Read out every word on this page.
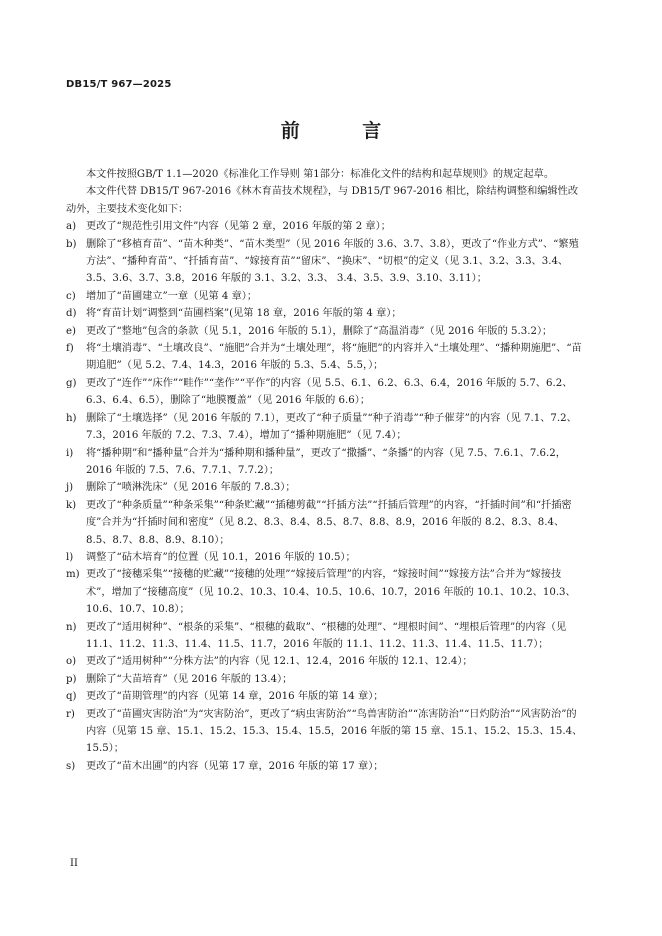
DB15/T 967—2025
前 言

本文件按照GB/T 1.1—2020《标准化工作导则 第1部分：标准化文件的结构和起草规则》的规定起草。

本文件代替 DB15/T 967-2016《林木育苗技术规程》，与 DB15/T 967-2016 相比，除结构调整和编辑性改动外，主要技术变化如下：

a) 更改了“规范性引用文件”内容（见第 2 章，2016 年版的第 2 章）；
b) 删除了“移植育苗”、“苗木种类”、“苗木类型”（见 2016 年版的 3.6、3.7、3.8），更改了“作业方式”、“繁殖方法”、“播种育苗”、“扦插育苗”、“嫁接育苗”“留床”、“换床”、“切根”的定义（见 3.1、3.2、3.3、3.4、3.5、3.6、3.7、3.8，2016 年版的 3.1、3.2、3.3、 3.4、3.5、3.9、3.10、3.11）；
c)	增加了“苗圃建立”一章（见第 4 章）；
d) 将“育苗计划”调整到“苗圃档案”(见第 18 章，2016 年版的第 4 章）；
e) 更改了“整地”包含的条款（见 5.1，2016 年版的 5.1），删除了“高温消毒”（见 2016 年版的 5.3.2）；
f)	将“土壤消毒”、“土壤改良”、“施肥”合并为“土壤处理”，将“施肥”的内容并入“土壤处理”、“播种期施肥”、“苗期追肥”（见 5.2、7.4、14.3，2016 年版的 5.3、5.4、5.5，）；
g) 更改了“连作”“床作”“畦作”“垄作”“平作”的内容（见 5.5、6.1、6.2、6.3、6.4，2016 年版的 5.7、6.2、6.3、6.4、6.5），删除了“地膜覆盖”（见 2016 年版的 6.6）；
h) 删除了“土壤选择”（见 2016 年版的 7.1），更改了“种子质量”“种子消毒”“种子催芽”的内容（见 7.1、7.2、7.3，2016 年版的 7.2、7.3、7.4），增加了“播种期施肥”（见 7.4）；
i)	将“播种期”和“播种量”合并为“播种期和播种量”，更改了“撒播”、“条播”的内容（见 7.5、7.6.1、7.6.2，2016 年版的 7.5、7.6、7.7.1、7.7.2）；
j)	删除了“喷淋洗床”（见 2016 年版的 7.8.3）；
k) 更改了“种条质量”“种条采集”“种条贮藏”“插穗剪截”“扦插方法”“扦插后管理”的内容，“扦插时间”和“扦插密度”合并为“扦插时间和密度”（见 8.2、8.3、8.4、8.5、8.7、8.8、8.9，2016 年版的 8.2、8.3、8.4、8.5、8.7、8.8、8.9、8.10）；
l)	调整了“砧木培育”的位置（见 10.1，2016 年版的 10.5）；
m) 更改了“接穗采集”“接穗的贮藏”“接穗的处理”“嫁接后管理”的内容，“嫁接时间”“嫁接方法”合并为“嫁接技术”，增加了“接穗高度”（见 10.2、10.3、10.4、10.5、10.6、10.7，2016 年版的 10.1、10.2、10.3、10.6、10.7、10.8）；
n) 更改了“适用树种”、“根条的采集”、“根穗的截取”、“根穗的处理”、“埋根时间”、“埋根后管理”的内容（见 11.1、11.2、11.3、11.4、11.5、11.7，2016 年版的 11.1、11.2、11.3、11.4、11.5、11.7）；
o) 更改了“适用树种”“分株方法”的内容（见 12.1、12.4，2016 年版的 12.1、12.4）；
p) 删除了“大苗培育”（见 2016 年版的 13.4）；
q) 更改了“苗期管理”的内容（见第 14 章，2016 年版的第 14 章）；
r)	更改了“苗圃灾害防治”为“灾害防治”，更改了“病虫害防治”“鸟兽害防治”“冻害防治”“日灼防治”“风害防治”的内容（见第 15 章、15.1、15.2、15.3、15.4、15.5，2016 年版的第 15 章、15.1、15.2、15.3、15.4、15.5）；
s)	更改了“苗木出圃”的内容（见第 17 章，2016 年版的第 17 章）；
II
